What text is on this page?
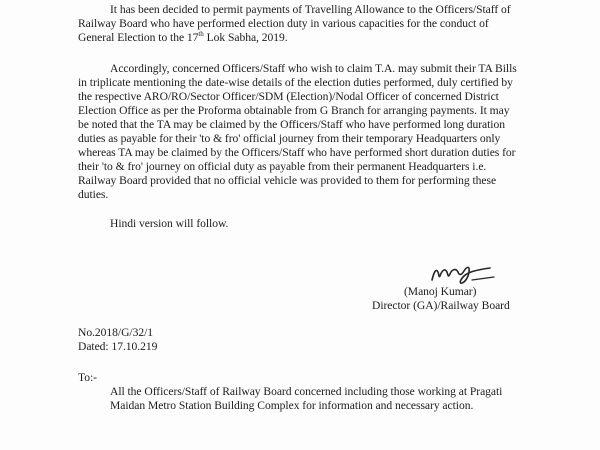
It has been decided to permit payments of Travelling Allowance to the Officers/Staff of
Railway Board who have performed election duty in various capacities for the conduct of
General Election to the 17th Lok Sabha, 2019.
Accordingly, concerned Officers/Staff who wish to claim T.A. may submit their TA Bills
in triplicate mentioning the date-wise details of the election duties performed, duly certified by
the respective ARO/RO/Sector Officer/SDM (Election)/Nodal Officer of concerned District
Election Office as per the Proforma obtainable from G Branch for arranging payments. It may
be noted that the TA may be claimed by the Officers/Staff who have performed long duration
duties as payable for their 'to & fro' official journey from their temporary Headquarters only
whereas TA may be claimed by the Officers/Staff who have performed short duration duties for
their 'to & fro' journey on official duty as payable from their permanent Headquarters i.e.
Railway Board provided that no official vehicle was provided to them for performing these
duties.
Hindi version will follow.
(Manoj Kumar)
Director (GA)/Railway Board
No.2018/G/32/1
Dated: 17.10.219
To:-
All the Officers/Staff of Railway Board concerned including those working at Pragati
Maidan Metro Station Building Complex for information and necessary action.
